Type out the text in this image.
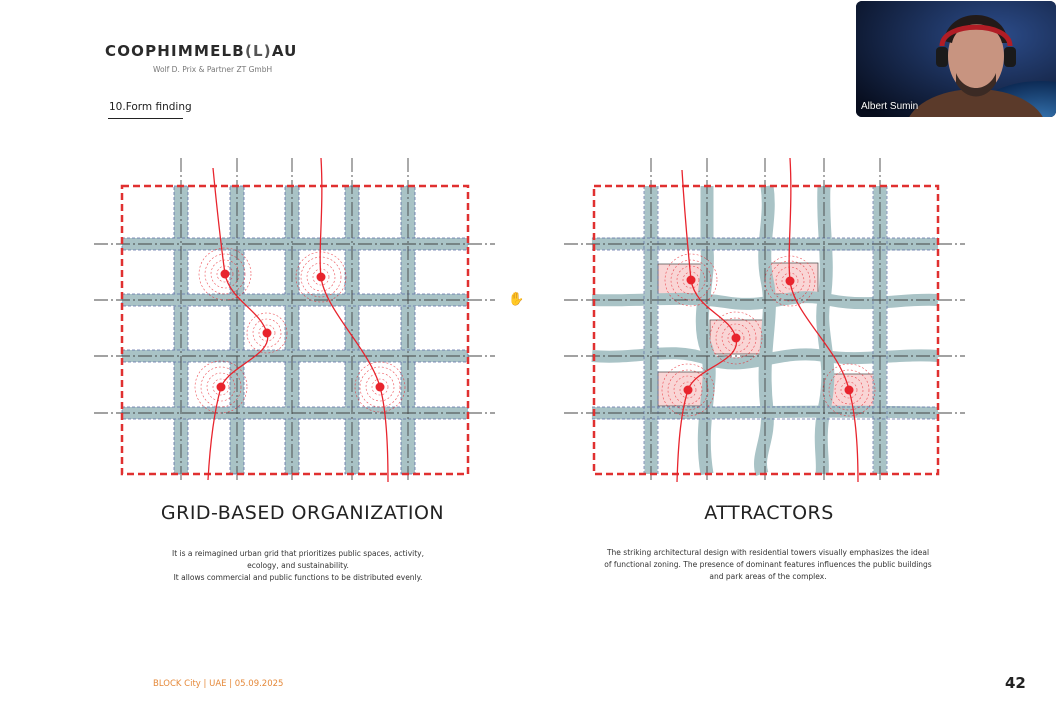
COOPHIMMELB(L)AU
Wolf D. Prix & Partner ZT GmbH
10.Form finding
GRID-BASED ORGANIZATION	ATTRACTORS
It is a reimagined urban grid that prioritizes public spaces, activity,
ecology, and sustainability.
It allows commercial and public functions to be distributed evenly.
The striking architectural design with residential towers visually emphasizes the ideal
of functional zoning. The presence of dominant features influences the public buildings
and park areas of the complex.
BLOCK City | UAE | 05.09.2025	42
✋
Albert Sumin
